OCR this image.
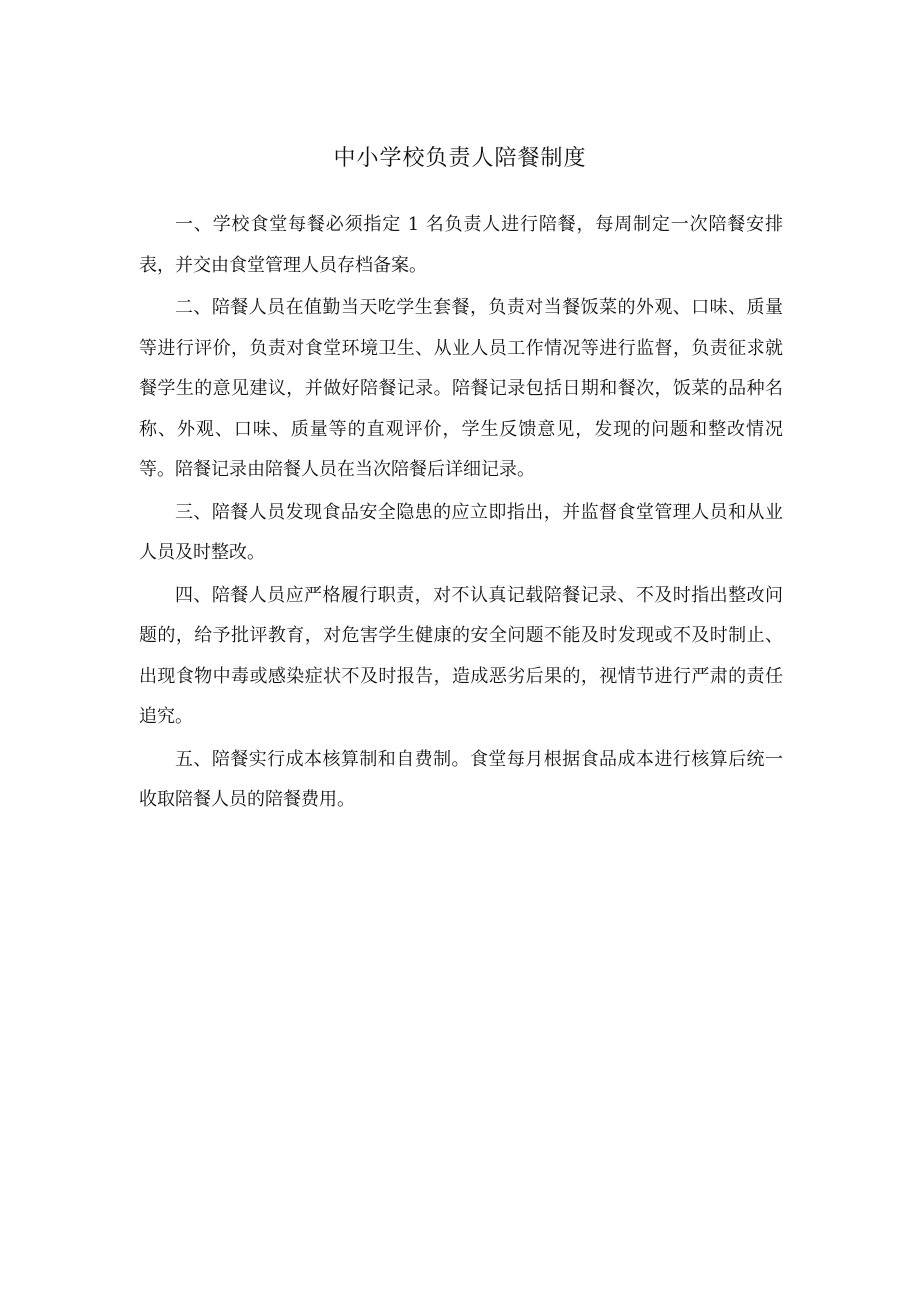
中小学校负责人陪餐制度

一、学校食堂每餐必须指定 1 名负责人进行陪餐，每周制定一次陪餐安排表，并交由食堂管理人员存档备案。

二、陪餐人员在值勤当天吃学生套餐，负责对当餐饭菜的外观、口味、质量等进行评价，负责对食堂环境卫生、从业人员工作情况等进行监督，负责征求就餐学生的意见建议，并做好陪餐记录。陪餐记录包括日期和餐次，饭菜的品种名称、外观、口味、质量等的直观评价，学生反馈意见，发现的问题和整改情况等。陪餐记录由陪餐人员在当次陪餐后详细记录。

三、陪餐人员发现食品安全隐患的应立即指出，并监督食堂管理人员和从业人员及时整改。

四、陪餐人员应严格履行职责，对不认真记载陪餐记录、不及时指出整改问题的，给予批评教育，对危害学生健康的安全问题不能及时发现或不及时制止、出现食物中毒或感染症状不及时报告，造成恶劣后果的，视情节进行严肃的责任追究。

五、陪餐实行成本核算制和自费制。食堂每月根据食品成本进行核算后统一收取陪餐人员的陪餐费用。
